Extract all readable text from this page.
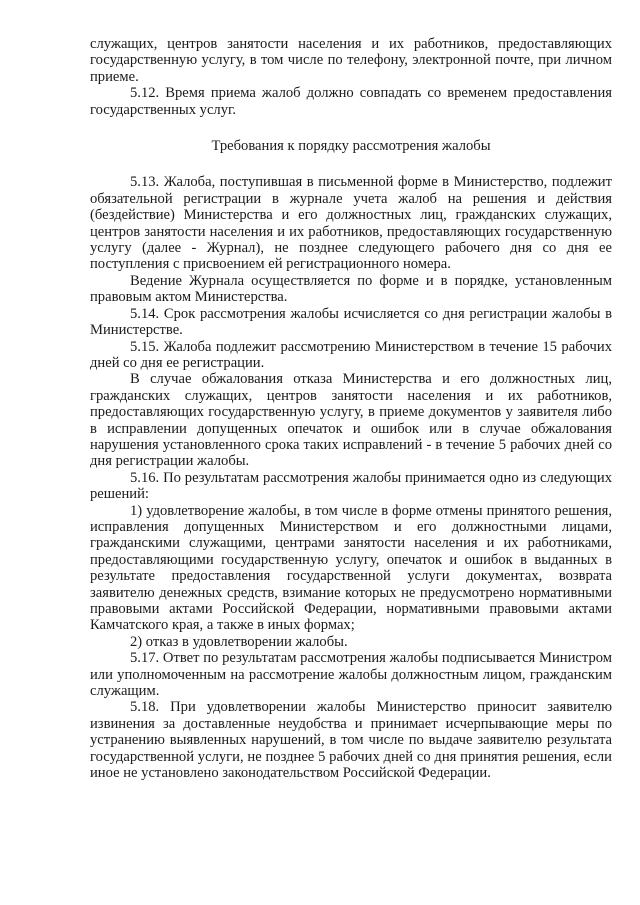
служащих, центров занятости населения и их работников, предоставляющих государственную услугу, в том числе по телефону, электронной почте, при личном приеме.

5.12. Время приема жалоб должно совпадать со временем предоставления государственных услуг.

Требования к порядку рассмотрения жалобы

5.13. Жалоба, поступившая в письменной форме в Министерство, подлежит обязательной регистрации в журнале учета жалоб на решения и действия (бездействие) Министерства и его должностных лиц, гражданских служащих, центров занятости населения и их работников, предоставляющих государственную услугу (далее - Журнал), не позднее следующего рабочего дня со дня ее поступления с присвоением ей регистрационного номера.

Ведение Журнала осуществляется по форме и в порядке, установленным правовым актом Министерства.

5.14. Срок рассмотрения жалобы исчисляется со дня регистрации жалобы в Министерстве.

5.15. Жалоба подлежит рассмотрению Министерством в течение 15 рабочих дней со дня ее регистрации.

В случае обжалования отказа Министерства и его должностных лиц, гражданских служащих, центров занятости населения и их работников, предоставляющих государственную услугу, в приеме документов у заявителя либо в исправлении допущенных опечаток и ошибок или в случае обжалования нарушения установленного срока таких исправлений - в течение 5 рабочих дней со дня регистрации жалобы.

5.16. По результатам рассмотрения жалобы принимается одно из следующих решений:

1) удовлетворение жалобы, в том числе в форме отмены принятого решения, исправления допущенных Министерством и его должностными лицами, гражданскими служащими, центрами занятости населения и их работниками, предоставляющими государственную услугу, опечаток и ошибок в выданных в результате предоставления государственной услуги документах, возврата заявителю денежных средств, взимание которых не предусмотрено нормативными правовыми актами Российской Федерации, нормативными правовыми актами Камчатского края, а также в иных формах;

2) отказ в удовлетворении жалобы.

5.17. Ответ по результатам рассмотрения жалобы подписывается Министром или уполномоченным на рассмотрение жалобы должностным лицом, гражданским служащим.

5.18. При удовлетворении жалобы Министерство приносит заявителю извинения за доставленные неудобства и принимает исчерпывающие меры по устранению выявленных нарушений, в том числе по выдаче заявителю результата государственной услуги, не позднее 5 рабочих дней со дня принятия решения, если иное не установлено законодательством Российской Федерации.
